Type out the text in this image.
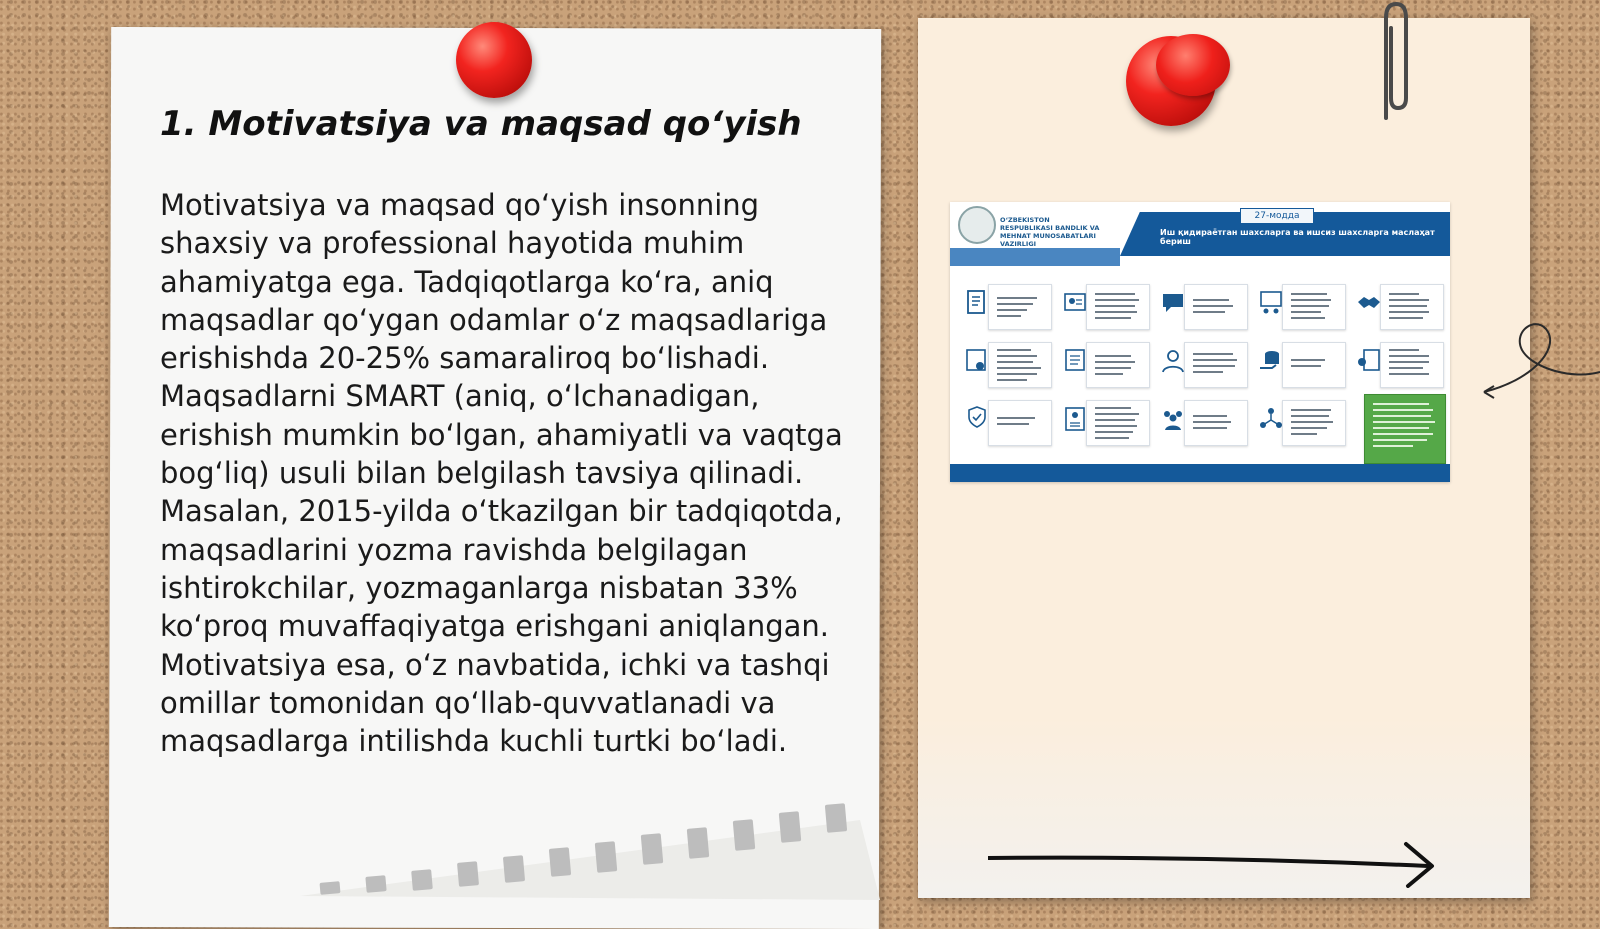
1. Motivatsiya va maqsad qo‘yish

Motivatsiya va maqsad qo‘yish insonning shaxsiy va professional hayotida muhim ahamiyatga ega. Tadqiqotlarga ko‘ra, aniq maqsadlar qo‘ygan odamlar o‘z maqsadlariga erishishda 20-25% samaraliroq bo‘lishadi. Maqsadlarni SMART (aniq, o‘lchanadigan, erishish mumkin bo‘lgan, ahamiyatli va vaqtga bog‘liq) usuli bilan belgilash tavsiya qilinadi. Masalan, 2015-yilda o‘tkazilgan bir tadqiqotda, maqsadlarini yozma ravishda belgilagan ishtirokchilar, yozmaganlarga nisbatan 33% ko‘proq muvaffaqiyatga erishgani aniqlangan. Motivatsiya esa, o‘z navbatida, ichki va tashqi omillar tomonidan qo‘llab-quvvatlanadi va maqsadlarga intilishda kuchli turtki bo‘ladi.

O‘ZBEKISTON RESPUBLIKASI BANDLIK VA MEHNAT MUNOSABATLARI VAZIRLIGI
27-модда
Иш қидираётган шахсларга ва ишсиз шахсларга маслаҳат бериш
